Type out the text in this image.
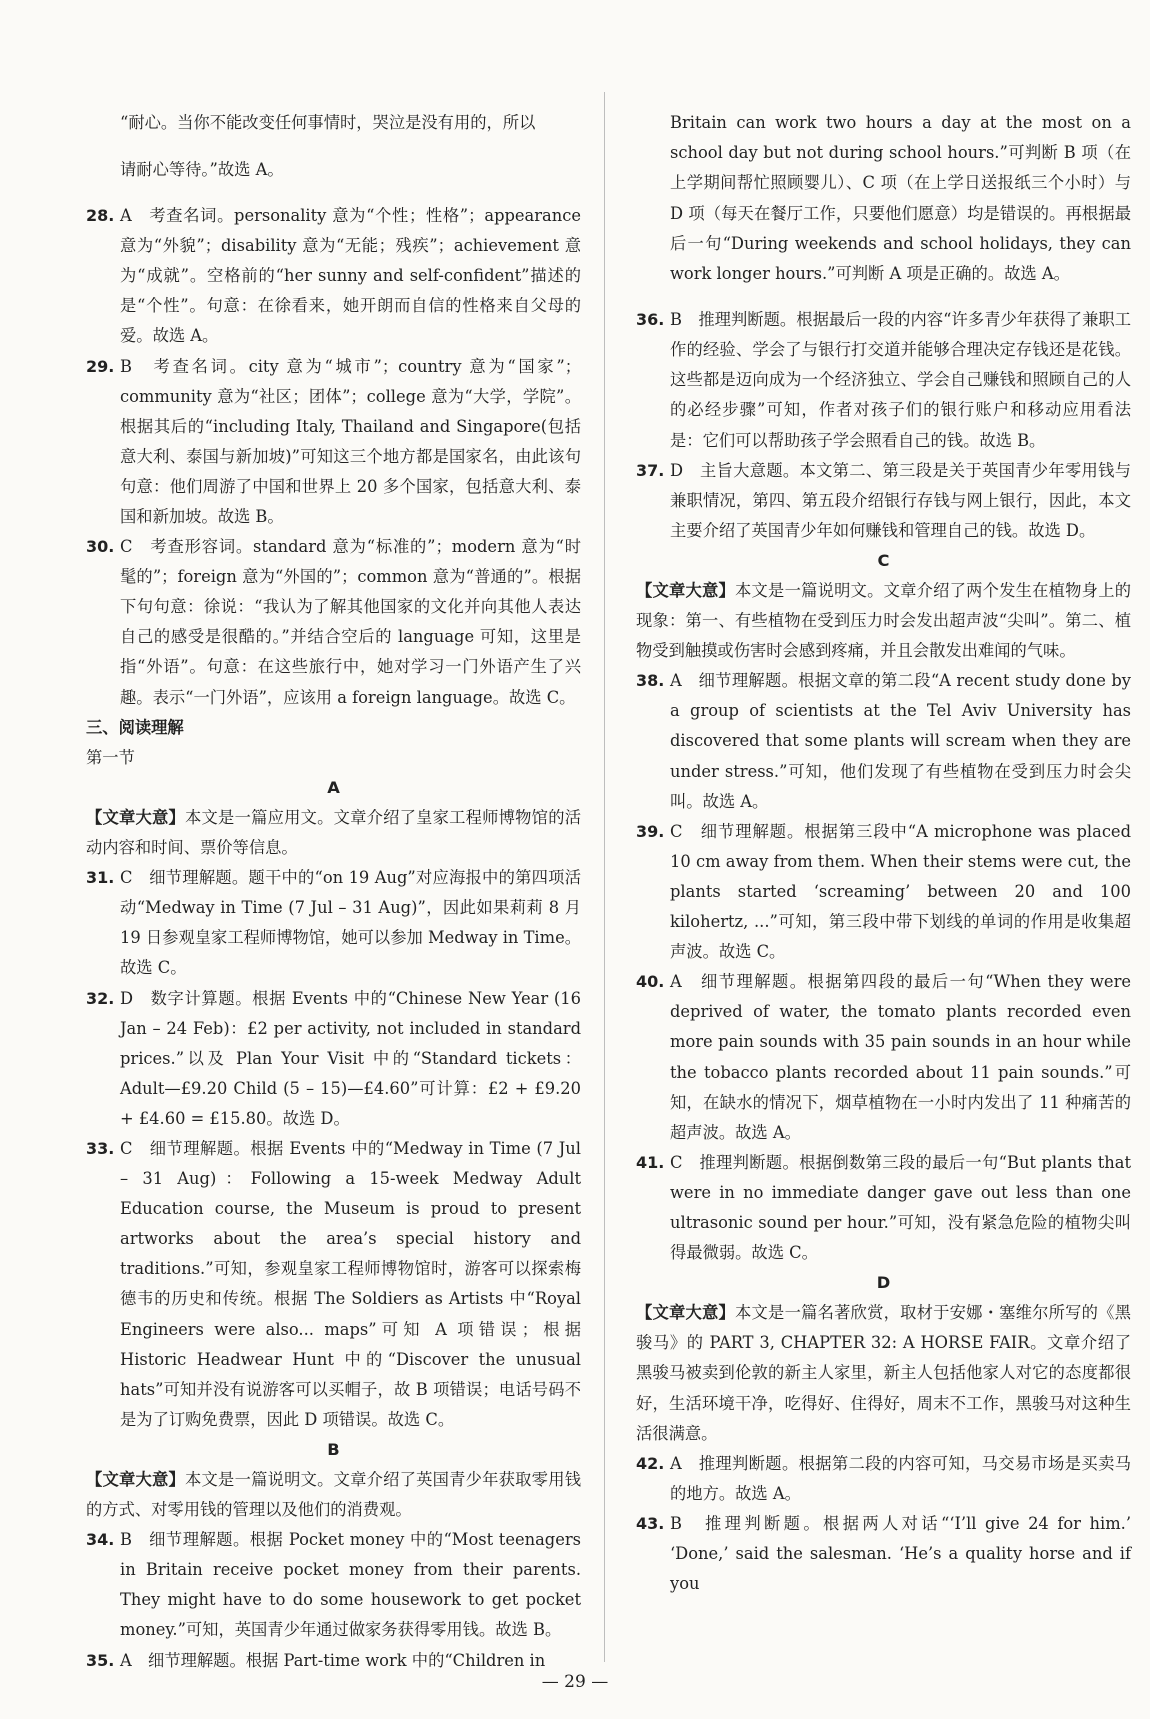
“耐心。当你不能改变任何事情时，哭泣是没有用的，所以

请耐心等待。”故选 A。

28. A　考查名词。personality 意为“个性；性格”；appearance 意为“外貌”；disability 意为“无能；残疾”；achievement 意为“成就”。空格前的“her sunny and self-confident”描述的是“个性”。句意：在徐看来，她开朗而自信的性格来自父母的爱。故选 A。
29. B　考查名词。city 意为“城市”；country 意为“国家”；community 意为“社区；团体”；college 意为“大学，学院”。根据其后的“including Italy, Thailand and Singapore(包括意大利、泰国与新加坡)”可知这三个地方都是国家名，由此该句句意：他们周游了中国和世界上 20 多个国家，包括意大利、泰国和新加坡。故选 B。
30. C　考查形容词。standard 意为“标准的”；modern 意为“时髦的”；foreign 意为“外国的”；common 意为“普通的”。根据下句句意：徐说：“我认为了解其他国家的文化并向其他人表达自己的感受是很酷的。”并结合空后的 language 可知，这里是指“外语”。句意：在这些旅行中，她对学习一门外语产生了兴趣。表示“一门外语”，应该用 a foreign language。故选 C。

三、阅读理解

第一节

A

【文章大意】本文是一篇应用文。文章介绍了皇家工程师博物馆的活动内容和时间、票价等信息。

31. C　细节理解题。题干中的“on 19 Aug”对应海报中的第四项活动“Medway in Time (7 Jul – 31 Aug)”，因此如果莉莉 8 月 19 日参观皇家工程师博物馆，她可以参加 Medway in Time。故选 C。
32. D　数字计算题。根据 Events 中的“Chinese New Year (16 Jan – 24 Feb)：£2 per activity, not included in standard prices.”以及 Plan Your Visit 中的“Standard tickets：Adult—£9.20 Child (5 – 15)—£4.60”可计算：£2 + £9.20 + £4.60 = £15.80。故选 D。
33. C　细节理解题。根据 Events 中的“Medway in Time (7 Jul – 31 Aug)：Following a 15-week Medway Adult Education course, the Museum is proud to present artworks about the area’s special history and traditions.”可知，参观皇家工程师博物馆时，游客可以探索梅德韦的历史和传统。根据 The Soldiers as Artists 中“Royal Engineers were also... maps”可知 A 项错误；根据 Historic Headwear Hunt 中的“Discover the unusual hats”可知并没有说游客可以买帽子，故 B 项错误；电话号码不是为了订购免费票，因此 D 项错误。故选 C。

B

【文章大意】本文是一篇说明文。文章介绍了英国青少年获取零用钱的方式、对零用钱的管理以及他们的消费观。

34. B　细节理解题。根据 Pocket money 中的“Most teenagers in Britain receive pocket money from their parents. They might have to do some housework to get pocket money.”可知，英国青少年通过做家务获得零用钱。故选 B。
35. A　细节理解题。根据 Part-time work 中的“Children in

Britain can work two hours a day at the most on a school day but not during school hours.”可判断 B 项（在上学期间帮忙照顾婴儿）、C 项（在上学日送报纸三个小时）与 D 项（每天在餐厅工作，只要他们愿意）均是错误的。再根据最后一句“During weekends and school holidays, they can work longer hours.”可判断 A 项是正确的。故选 A。

36. B　推理判断题。根据最后一段的内容“许多青少年获得了兼职工作的经验、学会了与银行打交道并能够合理决定存钱还是花钱。这些都是迈向成为一个经济独立、学会自己赚钱和照顾自己的人的必经步骤”可知，作者对孩子们的银行账户和移动应用看法是：它们可以帮助孩子学会照看自己的钱。故选 B。
37. D　主旨大意题。本文第二、第三段是关于英国青少年零用钱与兼职情况，第四、第五段介绍银行存钱与网上银行，因此，本文主要介绍了英国青少年如何赚钱和管理自己的钱。故选 D。

C

【文章大意】本文是一篇说明文。文章介绍了两个发生在植物身上的现象：第一、有些植物在受到压力时会发出超声波“尖叫”。第二、植物受到触摸或伤害时会感到疼痛，并且会散发出难闻的气味。

38. A　细节理解题。根据文章的第二段“A recent study done by a group of scientists at the Tel Aviv University has discovered that some plants will scream when they are under stress.”可知，他们发现了有些植物在受到压力时会尖叫。故选 A。
39. C　细节理解题。根据第三段中“A microphone was placed 10 cm away from them. When their stems were cut, the plants started ‘screaming’ between 20 and 100 kilohertz, ...”可知，第三段中带下划线的单词的作用是收集超声波。故选 C。
40. A　细节理解题。根据第四段的最后一句“When they were deprived of water, the tomato plants recorded even more pain sounds with 35 pain sounds in an hour while the tobacco plants recorded about 11 pain sounds.”可知，在缺水的情况下，烟草植物在一小时内发出了 11 种痛苦的超声波。故选 A。
41. C　推理判断题。根据倒数第三段的最后一句“But plants that were in no immediate danger gave out less than one ultrasonic sound per hour.”可知，没有紧急危险的植物尖叫得最微弱。故选 C。

D

【文章大意】本文是一篇名著欣赏，取材于安娜・塞维尔所写的《黑骏马》的 PART 3, CHAPTER 32: A HORSE FAIR。文章介绍了黑骏马被卖到伦敦的新主人家里，新主人包括他家人对它的态度都很好，生活环境干净，吃得好、住得好，周末不工作，黑骏马对这种生活很满意。

42. A　推理判断题。根据第二段的内容可知，马交易市场是买卖马的地方。故选 A。
43. B　推理判断题。根据两人对话“‘I’ll give 24 for him.’ ‘Done,’ said the salesman. ‘He’s a quality horse and if you
— 29 —
